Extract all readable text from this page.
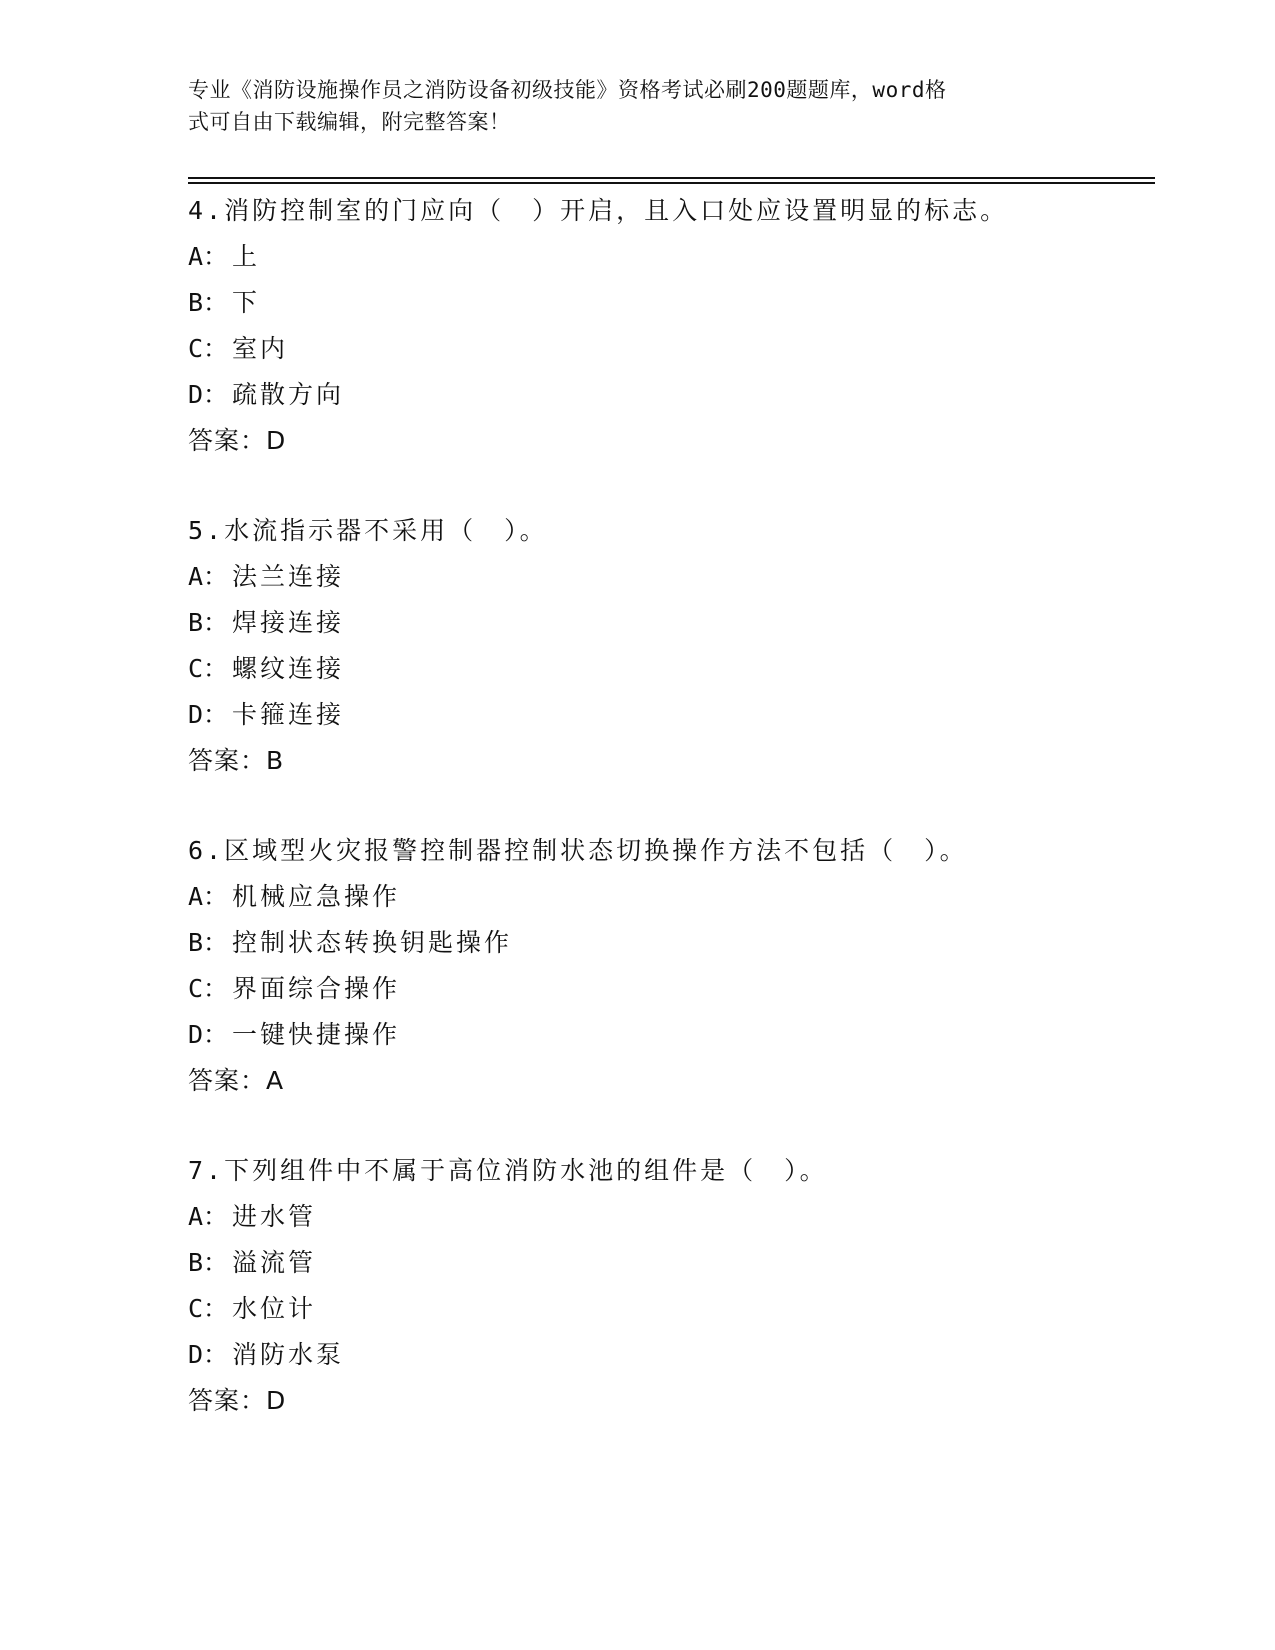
专业《消防设施操作员之消防设备初级技能》资格考试必刷200题题库，word格
式可自由下载编辑，附完整答案！
4.消防控制室的门应向（　）开启，且入口处应设置明显的标志。
A： 上
B： 下
C： 室内
D： 疏散方向
答案：D
5.水流指示器不采用（　）。
A： 法兰连接
B： 焊接连接
C： 螺纹连接
D： 卡箍连接
答案：B
6.区域型火灾报警控制器控制状态切换操作方法不包括（　）。
A： 机械应急操作
B： 控制状态转换钥匙操作
C： 界面综合操作
D： 一键快捷操作
答案：A
7.下列组件中不属于高位消防水池的组件是（　）。
A： 进水管
B： 溢流管
C： 水位计
D： 消防水泵
答案：D
